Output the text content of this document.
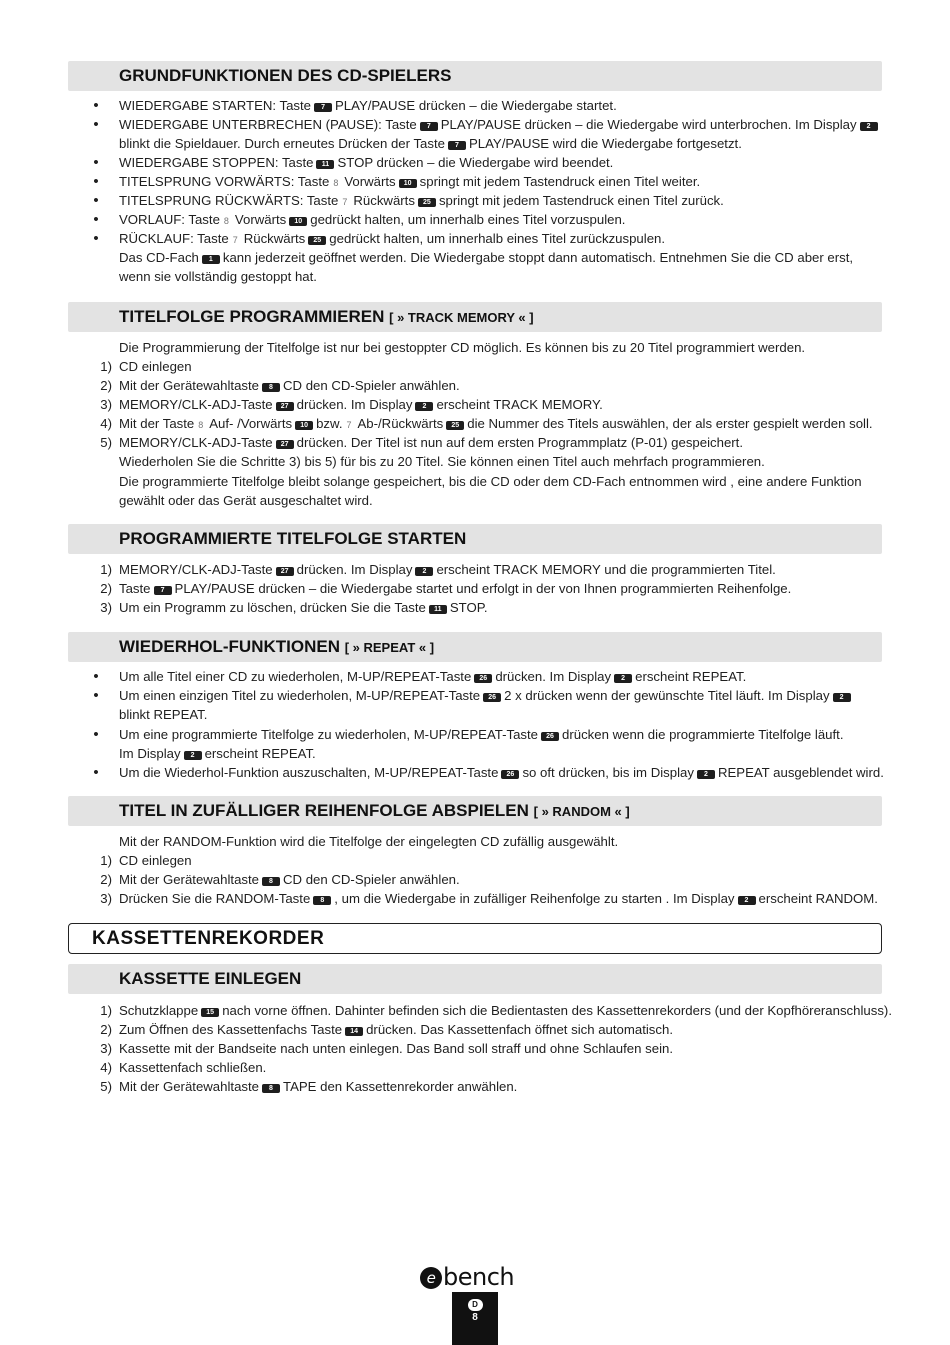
GRUNDFUNKTIONEN DES CD-SPIELERS
•	WIEDERGABE STARTEN: Taste 7 PLAY/PAUSE drücken – die Wiedergabe startet.
•	WIEDERGABE UNTERBRECHEN (PAUSE): Taste 7 PLAY/PAUSE drücken – die Wiedergabe wird unterbrochen. Im Display 2
blinkt die Spieldauer. Durch erneutes Drücken der Taste 7 PLAY/PAUSE wird die Wiedergabe fortgesetzt.
•	WIEDERGABE STOPPEN: Taste 11 STOP drücken – die Wiedergabe wird beendet.
•	TITELSPRUNG VORWÄRTS: Taste 8 Vorwärts 10 springt mit jedem Tastendruck einen Titel weiter.
•	TITELSPRUNG RÜCKWÄRTS: Taste 7 Rückwärts 25 springt mit jedem Tastendruck einen Titel zurück.
•	VORLAUF: Taste 8 Vorwärts 10 gedrückt halten, um innerhalb eines Titel vorzuspulen.
•	RÜCKLAUF: Taste 7 Rückwärts 25 gedrückt halten, um innerhalb eines Titel zurückzuspulen.
Das CD-Fach 1 kann jederzeit geöffnet werden. Die Wiedergabe stoppt dann automatisch. Entnehmen Sie die CD aber erst,
wenn sie vollständig gestoppt hat.
TITELFOLGE PROGRAMMIEREN [ » TRACK MEMORY « ]
Die Programmierung der Titelfolge ist nur bei gestoppter CD möglich. Es können bis zu 20 Titel programmiert werden.
1) CD einlegen
2) Mit der Gerätewahltaste 8 CD den CD-Spieler anwählen.
3) MEMORY/CLK-ADJ-Taste 27 drücken. Im Display 2 erscheint TRACK MEMORY.
4) Mit der Taste 8 Auf- /Vorwärts 10 bzw. 7 Ab-/Rückwärts 25 die Nummer des Titels auswählen, der als erster gespielt werden soll.
5) MEMORY/CLK-ADJ-Taste 27 drücken. Der Titel ist nun auf dem ersten Programmplatz (P-01) gespeichert.
Wiederholen Sie die Schritte 3) bis 5) für bis zu 20 Titel. Sie können einen Titel auch mehrfach programmieren.
Die programmierte Titelfolge bleibt solange gespeichert, bis die CD oder dem CD-Fach entnommen wird , eine andere Funktion
gewählt oder das Gerät ausgeschaltet wird.
PROGRAMMIERTE TITELFOLGE STARTEN
1) MEMORY/CLK-ADJ-Taste 27 drücken. Im Display 2 erscheint TRACK MEMORY und die programmierten Titel.
2) Taste 7 PLAY/PAUSE drücken – die Wiedergabe startet und erfolgt in der von Ihnen programmierten Reihenfolge.
3) Um ein Programm zu löschen, drücken Sie die Taste 11 STOP.
WIEDERHOL-FUNKTIONEN [ » REPEAT « ]
•	Um alle Titel einer CD zu wiederholen, M-UP/REPEAT-Taste 26 drücken. Im Display 2 erscheint REPEAT.
•	Um einen einzigen Titel zu wiederholen, M-UP/REPEAT-Taste 26 2 x drücken wenn der gewünschte Titel läuft. Im Display 2
blinkt REPEAT.
•	Um eine programmierte Titelfolge zu wiederholen, M-UP/REPEAT-Taste 26 drücken wenn die programmierte Titelfolge läuft.
Im Display 2 erscheint REPEAT.
•	Um die Wiederhol-Funktion auszuschalten, M-UP/REPEAT-Taste 26 so oft drücken, bis im Display 2 REPEAT ausgeblendet wird.
TITEL IN ZUFÄLLIGER REIHENFOLGE ABSPIELEN [ » RANDOM « ]
Mit der RANDOM-Funktion wird die Titelfolge der eingelegten CD zufällig ausgewählt.
1) CD einlegen
2) Mit der Gerätewahltaste 8 CD den CD-Spieler anwählen.
3) Drücken Sie die RANDOM-Taste 8 , um die Wiedergabe in zufälliger Reihenfolge zu starten . Im Display 2 erscheint RANDOM.
KASSETTENREKORDER
KASSETTE EINLEGEN
1) Schutzklappe 15 nach vorne öffnen. Dahinter befinden sich die Bedientasten des Kassettenrekorders (und der Kopfhöreranschluss).
2) Zum Öffnen des Kassettenfachs Taste 14 drücken. Das Kassettenfach öffnet sich automatisch.
3) Kassette mit der Bandseite nach unten einlegen. Das Band soll straff und ohne Schlaufen sein.
4) Kassettenfach schließen.
5) Mit der Gerätewahltaste 8 TAPE den Kassettenrekorder anwählen.
e bench
D
8
